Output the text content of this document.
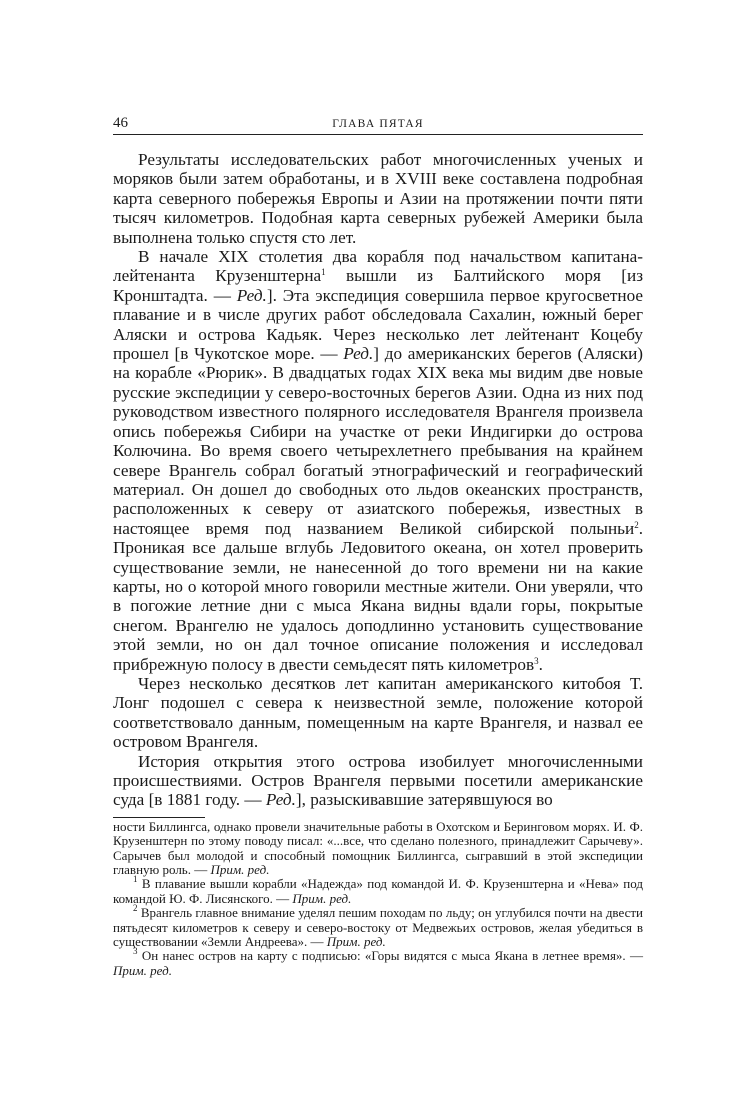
46	ГЛАВА ПЯТАЯ

Результаты исследовательских работ многочисленных ученых и моряков были затем обработаны, и в XVIII веке составлена подробная карта северного побережья Европы и Азии на протяжении почти пяти тысяч километров. Подобная карта северных рубежей Америки была выполнена только спустя сто лет.

В начале XIX столетия два корабля под начальством капитана-лейтенанта Крузенштерна$^1$ вышли из Балтийского моря [из Кронштадта. — Ред.]. Эта экспедиция совершила первое кругосветное плавание и в числе других работ обследовала Сахалин, южный берег Аляски и острова Кадьяк. Через несколько лет лейтенант Коцебу прошел [в Чукотское море. — Ред.] до американских берегов (Аляски) на корабле «Рюрик». В двадцатых годах XIX века мы видим две новые русские экспедиции у северо-восточных берегов Азии. Одна из них под руководством известного полярного исследователя Врангеля произвела опись побережья Сибири на участке от реки Индигирки до острова Колючина. Во время своего четырехлетнего пребывания на крайнем севере Врангель собрал богатый этнографический и географический материал. Он дошел до свободных ото льдов океанских пространств, расположенных к северу от азиатского побережья, известных в настоящее время под названием Великой сибирской полыньи$^2$. Проникая все дальше вглубь Ледовитого океана, он хотел проверить существование земли, не нанесенной до того времени ни на какие карты, но о которой много говорили местные жители. Они уверяли, что в погожие летние дни с мыса Якана видны вдали горы, покрытые снегом. Врангелю не удалось доподлинно установить существование этой земли, но он дал точное описание положения и исследовал прибрежную полосу в двести семьдесят пять километров$^3$.

Через несколько десятков лет капитан американского китобоя Т. Лонг подошел с севера к неизвестной земле, положение которой соответствовало данным, помещенным на карте Врангеля, и назвал ее островом Врангеля.

История открытия этого острова изобилует многочисленными происшествиями. Остров Врангеля первыми посетили американские суда [в 1881 году. — Ред.], разыскивавшие затерявшуюся во

ности Биллингса, однако провели значительные работы в Охотском и Беринговом морях. И. Ф. Крузенштерн по этому поводу писал: «...все, что сделано полезного, принадлежит Сарычеву». Сарычев был молодой и способный помощник Биллингса, сыгравший в этой экспедиции главную роль. — Прим. ред.

$^1$ В плавание вышли корабли «Надежда» под командой И. Ф. Крузенштерна и «Нева» под командой Ю. Ф. Лисянского. — Прим. ред.

$^2$ Врангель главное внимание уделял пешим походам по льду; он углубился почти на двести пятьдесят километров к северу и северо-востоку от Медвежьих островов, желая убедиться в существовании «Земли Андреева». — Прим. ред.

$^3$ Он нанес остров на карту с подписью: «Горы видятся с мыса Якана в летнее время». — Прим. ред.
